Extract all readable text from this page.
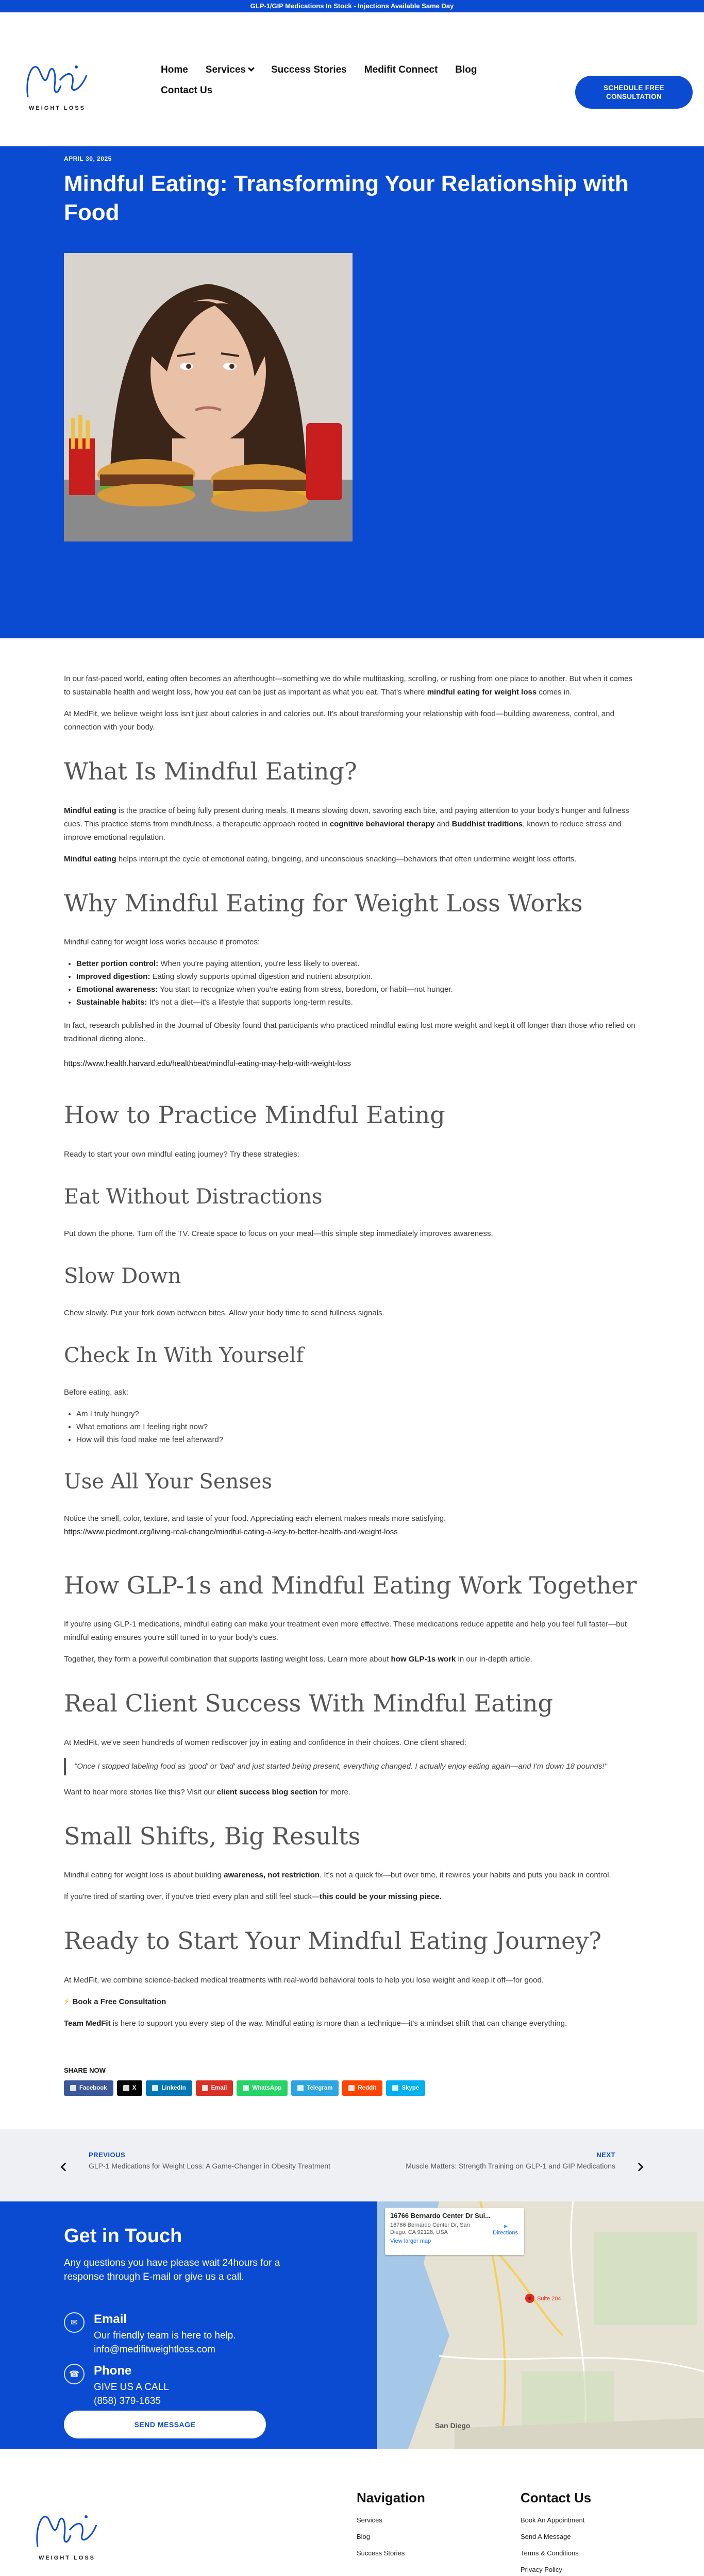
GLP-1/GIP Medications In Stock - Injections Available Same Day
WEIGHT LOSS
Home Services	Success Stories Medifit Connect Blog
Contact Us	SCHEDULE FREE CONSULTATION
APRIL 30, 2025
Mindful Eating: Transforming Your Relationship with Food

In our fast-paced world, eating often becomes an afterthought—something we do while multitasking, scrolling, or rushing from one place to another. But when it comes to sustainable health and weight loss, how you eat can be just as important as what you eat. That's where mindful eating for weight loss comes in.

At MedFit, we believe weight loss isn't just about calories in and calories out. It's about transforming your relationship with food—building awareness, control, and connection with your body.

What Is Mindful Eating?

Mindful eating is the practice of being fully present during meals. It means slowing down, savoring each bite, and paying attention to your body's hunger and fullness cues. This practice stems from mindfulness, a therapeutic approach rooted in cognitive behavioral therapy and Buddhist traditions, known to reduce stress and improve emotional regulation.

Mindful eating helps interrupt the cycle of emotional eating, bingeing, and unconscious snacking—behaviors that often undermine weight loss efforts.

Why Mindful Eating for Weight Loss Works

Mindful eating for weight loss works because it promotes:

• Better portion control: When you're paying attention, you're less likely to overeat.
• Improved digestion: Eating slowly supports optimal digestion and nutrient absorption.
• Emotional awareness: You start to recognize when you're eating from stress, boredom, or habit—not hunger.
• Sustainable habits: It's not a diet—it's a lifestyle that supports long-term results.

In fact, research published in the Journal of Obesity found that participants who practiced mindful eating lost more weight and kept it off longer than those who relied on traditional dieting alone.

https://www.health.harvard.edu/healthbeat/mindful-eating-may-help-with-weight-loss

How to Practice Mindful Eating

Ready to start your own mindful eating journey? Try these strategies:

Eat Without Distractions

Put down the phone. Turn off the TV. Create space to focus on your meal—this simple step immediately improves awareness.

Slow Down

Chew slowly. Put your fork down between bites. Allow your body time to send fullness signals.

Check In With Yourself

Before eating, ask:

• Am I truly hungry?
• What emotions am I feeling right now?
• How will this food make me feel afterward?
Use All Your Senses

Notice the smell, color, texture, and taste of your food. Appreciating each element makes meals more satisfying.
https://www.piedmont.org/living-real-change/mindful-eating-a-key-to-better-health-and-weight-loss

How GLP-1s and Mindful Eating Work Together

If you're using GLP-1 medications, mindful eating can make your treatment even more effective. These medications reduce appetite and help you feel full faster—but mindful eating ensures you're still tuned in to your body's cues.

Together, they form a powerful combination that supports lasting weight loss. Learn more about how GLP-1s work in our in-depth article.

Real Client Success With Mindful Eating

At MedFit, we've seen hundreds of women rediscover joy in eating and confidence in their choices. One client shared:

"Once I stopped labeling food as 'good' or 'bad' and just started being present, everything changed. I actually enjoy eating again—and I'm down 18 pounds!"

Want to hear more stories like this? Visit our client success blog section for more.

Small Shifts, Big Results

Mindful eating for weight loss is about building awareness, not restriction. It's not a quick fix—but over time, it rewires your habits and puts you back in control.

If you're tired of starting over, if you've tried every plan and still feel stuck—this could be your missing piece.

Ready to Start Your Mindful Eating Journey?

At MedFit, we combine science-backed medical treatments with real-world behavioral tools to help you lose weight and keep it off—for good.

⚡ Book a Free Consultation

Team MedFit is here to support you every step of the way. Mindful eating is more than a technique—it's a mindset shift that can change everything.

SHARE NOW
Facebook	X	LinkedIn	Email	WhatsApp	Telegram	Reddit	Skype
PREVIOUS
GLP-1 Medications for Weight Loss: A Game-Changer in Obesity Treatment
NEXT
Muscle Matters: Strength Training on GLP-1 and GIP Medications
Get in Touch

Any questions you have please wait 24hours for a response through E-mail or give us a call.

✉	Email
Our friendly team is here to help.
info@medifitweightloss.com
☎	Phone
GIVE US A CALL
(858) 379-1635
SEND MESSAGE
Suite 204
San Diego
16766 Bernardo Center Dr Sui...
16766 Bernardo Center Dr, San Diego, CA 92128, USA
View larger map
➤
Directions
WEIGHT LOSS
Navigation
Services
Blog
Success Stories
Contact Us
Book An Appointment
Send A Message
Terms & Conditions
Privacy Policy
